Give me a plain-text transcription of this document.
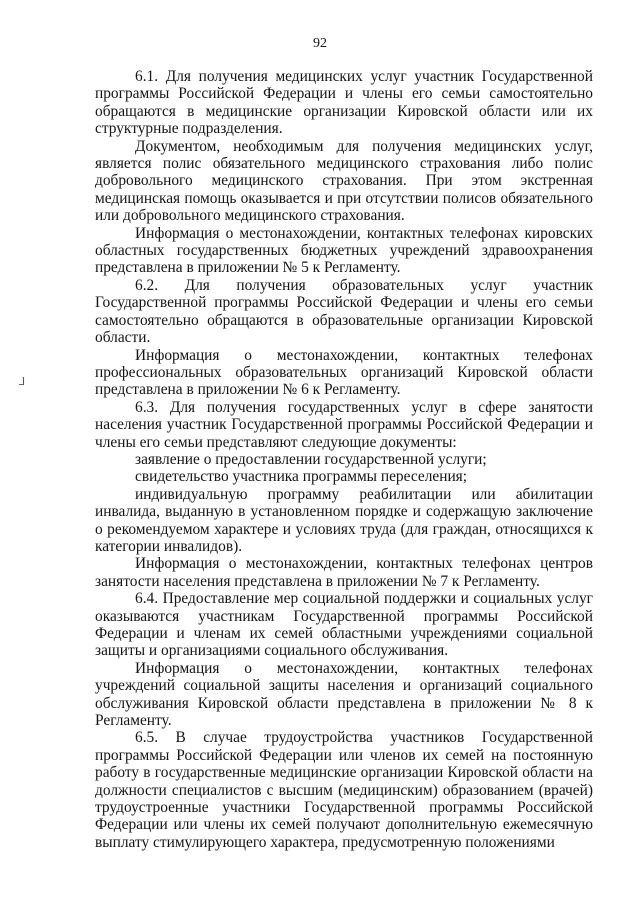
92
⅃

6.1. Для получения медицинских услуг участник Государственной программы Российской Федерации и члены его семьи самостоятельно обращаются в медицинские организации Кировской области или их структурные подразделения.

Документом, необходимым для получения медицинских услуг, является полис обязательного медицинского страхования либо полис добровольного медицинского страхования. При этом экстренная медицинская помощь оказывается и при отсутствии полисов обязательного или добровольного медицинского страхования.

Информация о местонахождении, контактных телефонах кировских областных государственных бюджетных учреждений здравоохранения представлена в приложении № 5 к Регламенту.

6.2. Для получения образовательных услуг участник Государственной программы Российской Федерации и члены его семьи самостоятельно обращаются в образовательные организации Кировской области.

Информация о местонахождении, контактных телефонах профессиональных образовательных организаций Кировской области представлена в приложении № 6 к Регламенту.

6.3. Для получения государственных услуг в сфере занятости населения участник Государственной программы Российской Федерации и члены его семьи представляют следующие документы:

заявление о предоставлении государственной услуги;

свидетельство участника программы переселения;

индивидуальную программу реабилитации или абилитации инвалида, выданную в установленном порядке и содержащую заключение о рекомендуемом характере и условиях труда (для граждан, относящихся к категории инвалидов).

Информация о местонахождении, контактных телефонах центров занятости населения представлена в приложении № 7 к Регламенту.

6.4. Предоставление мер социальной поддержки и социальных услуг оказываются участникам Государственной программы Российской Федерации и членам их семей областными учреждениями социальной защиты и организациями социального обслуживания.

Информация о местонахождении, контактных телефонах учреждений социальной защиты населения и организаций социального обслуживания Кировской области представлена в приложении № 8 к Регламенту.

6.5. В случае трудоустройства участников Государственной программы Российской Федерации или членов их семей на постоянную работу в государственные медицинские организации Кировской области на должности специалистов с высшим (медицинским) образованием (врачей) трудоустроенные участники Государственной программы Российской Федерации или члены их семей получают дополнительную ежемесячную выплату стимулирующего характера, предусмотренную положениями
